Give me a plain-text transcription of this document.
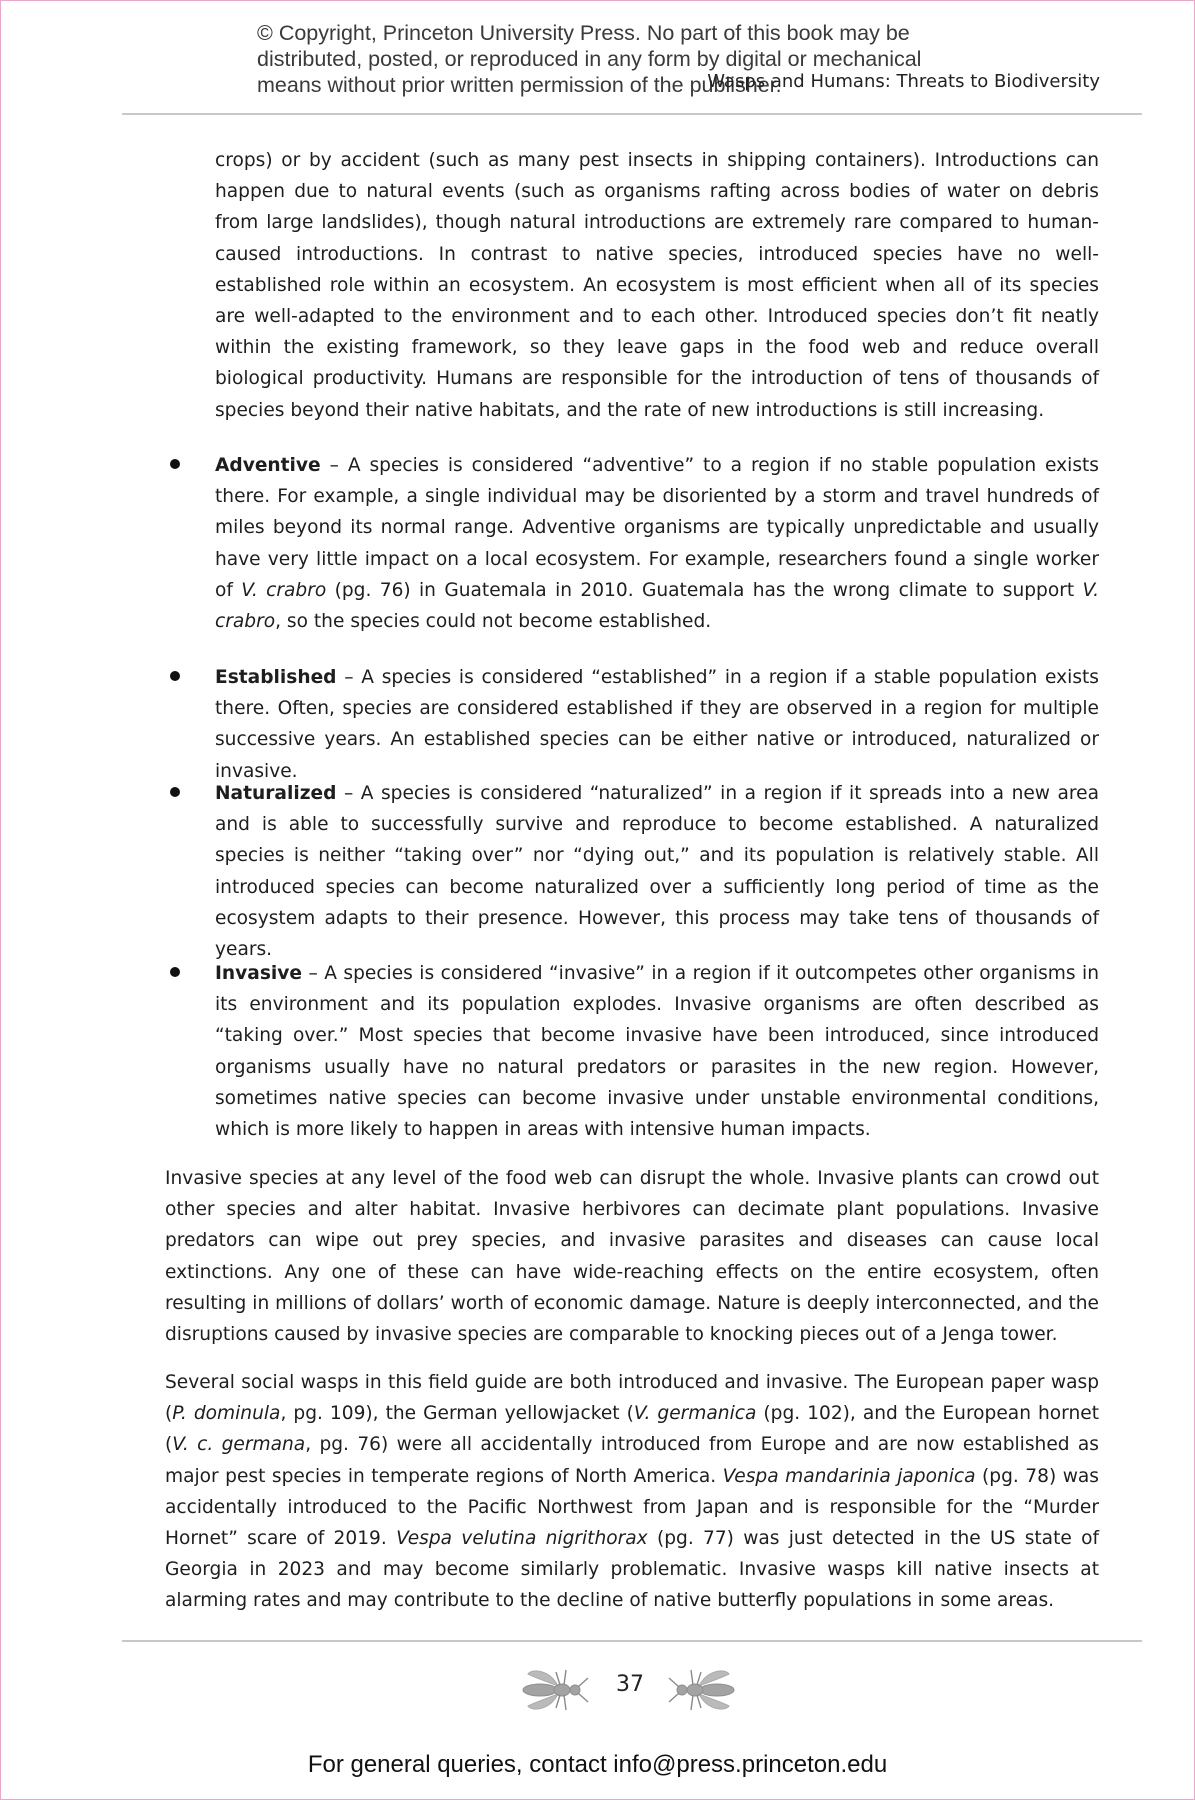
© Copyright, Princeton University Press. No part of this book may be
distributed, posted, or reproduced in any form by digital or mechanical
means without prior written permission of the publisher.
Wasps and Humans: Threats to Biodiversity

crops) or by accident (such as many pest insects in shipping containers). Introductions can happen due to natural events (such as organisms rafting across bodies of water on debris from large landslides), though natural introductions are extremely rare compared to human-caused introductions. In contrast to native species, introduced species have no well-established role within an ecosystem. An ecosystem is most efficient when all of its species are well-adapted to the environment and to each other. Introduced species don’t fit neatly within the existing framework, so they leave gaps in the food web and reduce overall biological productivity. Humans are responsible for the introduction of tens of thousands of species beyond their native habitats, and the rate of new introductions is still increasing.

Adventive – A species is considered “adventive” to a region if no stable population exists there. For example, a single individual may be disoriented by a storm and travel hundreds of miles beyond its normal range. Adventive organisms are typically unpredictable and usually have very little impact on a local ecosystem. For example, researchers found a single worker of V. crabro (pg. 76) in Guatemala in 2010. Guatemala has the wrong climate to support V. crabro, so the species could not become established.
Established – A species is considered “established” in a region if a stable population exists there. Often, species are considered established if they are observed in a region for multiple successive years. An established species can be either native or introduced, naturalized or invasive.
Naturalized – A species is considered “naturalized” in a region if it spreads into a new area and is able to successfully survive and reproduce to become established. A naturalized species is neither “taking over” nor “dying out,” and its population is relatively stable. All introduced species can become naturalized over a sufficiently long period of time as the ecosystem adapts to their presence. However, this process may take tens of thousands of years.
Invasive – A species is considered “invasive” in a region if it outcompetes other organisms in its environment and its population explodes. Invasive organisms are often described as “taking over.” Most species that become invasive have been introduced, since introduced organisms usually have no natural predators or parasites in the new region. However, sometimes native species can become invasive under unstable environmental conditions, which is more likely to happen in areas with intensive human impacts.

Invasive species at any level of the food web can disrupt the whole. Invasive plants can crowd out other species and alter habitat. Invasive herbivores can decimate plant populations. Invasive predators can wipe out prey species, and invasive parasites and diseases can cause local extinctions. Any one of these can have wide-reaching effects on the entire ecosystem, often resulting in millions of dollars’ worth of economic damage. Nature is deeply interconnected, and the disruptions caused by invasive species are comparable to knocking pieces out of a Jenga tower.

Several social wasps in this field guide are both introduced and invasive. The European paper wasp (P. dominula, pg. 109), the German yellowjacket (V. germanica (pg. 102), and the European hornet (V. c. germana, pg. 76) were all accidentally introduced from Europe and are now established as major pest species in temperate regions of North America. Vespa mandarinia japonica (pg. 78) was accidentally introduced to the Pacific Northwest from Japan and is responsible for the “Murder Hornet” scare of 2019. Vespa velutina nigrithorax (pg. 77) was just detected in the US state of Georgia in 2023 and may become similarly problematic. Invasive wasps kill native insects at alarming rates and may contribute to the decline of native butterfly populations in some areas.

37
For general queries, contact info@press.princeton.edu
